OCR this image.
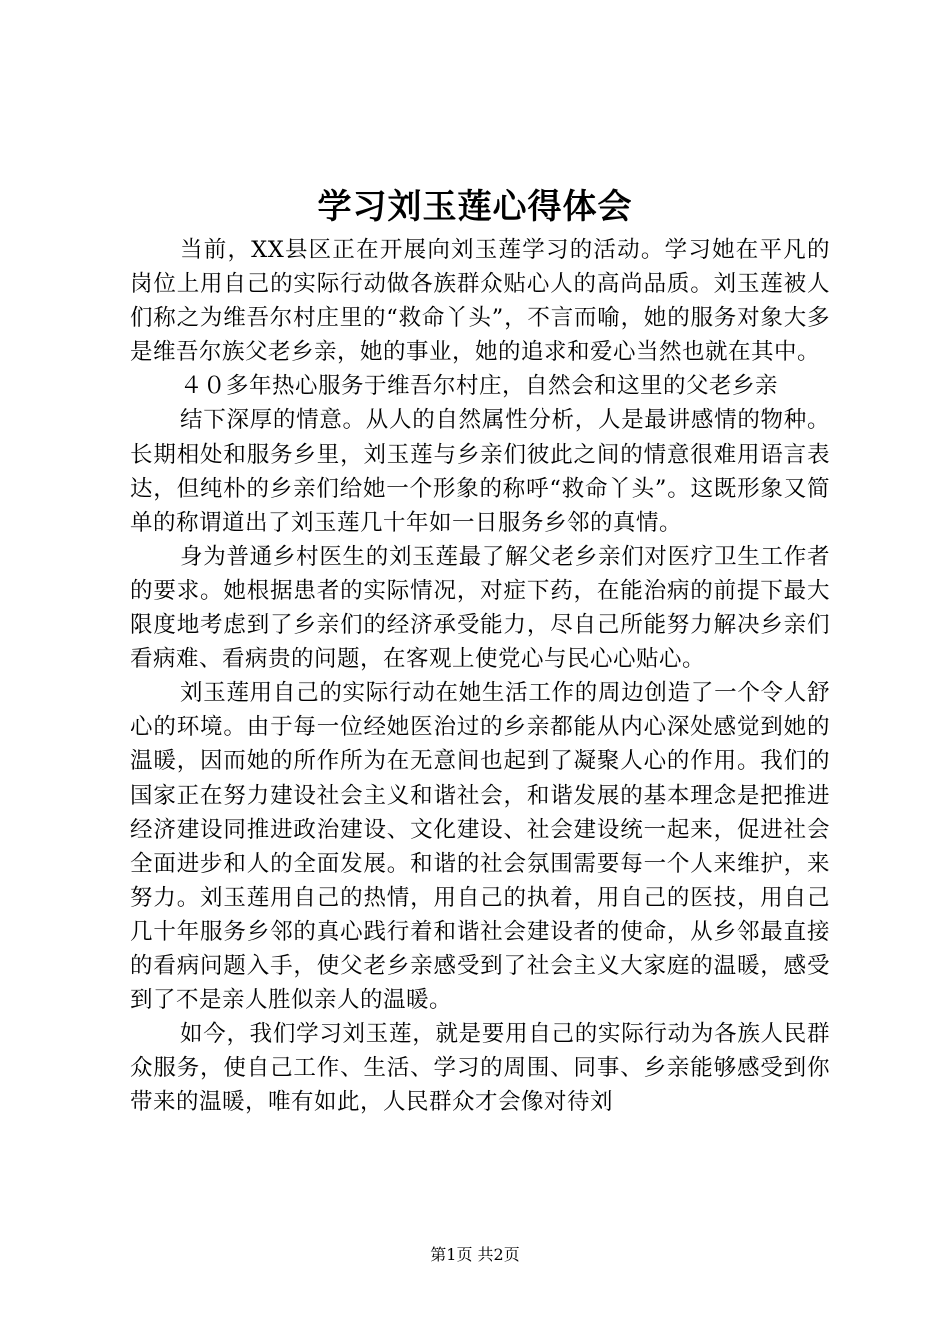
学习刘玉莲心得体会

当前，XX县区正在开展向刘玉莲学习的活动。学习她在平凡的岗位上用自己的实际行动做各族群众贴心人的高尚品质。刘玉莲被人们称之为维吾尔村庄里的“救命丫头”，不言而喻，她的服务对象大多是维吾尔族父老乡亲，她的事业，她的追求和爱心当然也就在其中。

４０多年热心服务于维吾尔村庄，自然会和这里的父老乡亲

结下深厚的情意。从人的自然属性分析，人是最讲感情的物种。长期相处和服务乡里，刘玉莲与乡亲们彼此之间的情意很难用语言表达，但纯朴的乡亲们给她一个形象的称呼“救命丫头”。这既形象又简单的称谓道出了刘玉莲几十年如一日服务乡邻的真情。

身为普通乡村医生的刘玉莲最了解父老乡亲们对医疗卫生工作者的要求。她根据患者的实际情况，对症下药，在能治病的前提下最大限度地考虑到了乡亲们的经济承受能力，尽自己所能努力解决乡亲们看病难、看病贵的问题，在客观上使党心与民心心贴心。

刘玉莲用自己的实际行动在她生活工作的周边创造了一个令人舒心的环境。由于每一位经她医治过的乡亲都能从内心深处感觉到她的温暖，因而她的所作所为在无意间也起到了凝聚人心的作用。我们的国家正在努力建设社会主义和谐社会，和谐发展的基本理念是把推进经济建设同推进政治建设、文化建设、社会建设统一起来，促进社会全面进步和人的全面发展。和谐的社会氛围需要每一个人来维护，来努力。刘玉莲用自己的热情，用自己的执着，用自己的医技，用自己几十年服务乡邻的真心践行着和谐社会建设者的使命，从乡邻最直接的看病问题入手，使父老乡亲感受到了社会主义大家庭的温暖，感受到了不是亲人胜似亲人的温暖。

如今，我们学习刘玉莲，就是要用自己的实际行动为各族人民群众服务，使自己工作、生活、学习的周围、同事、乡亲能够感受到你带来的温暖，唯有如此，人民群众才会像对待刘

第1页 共2页
